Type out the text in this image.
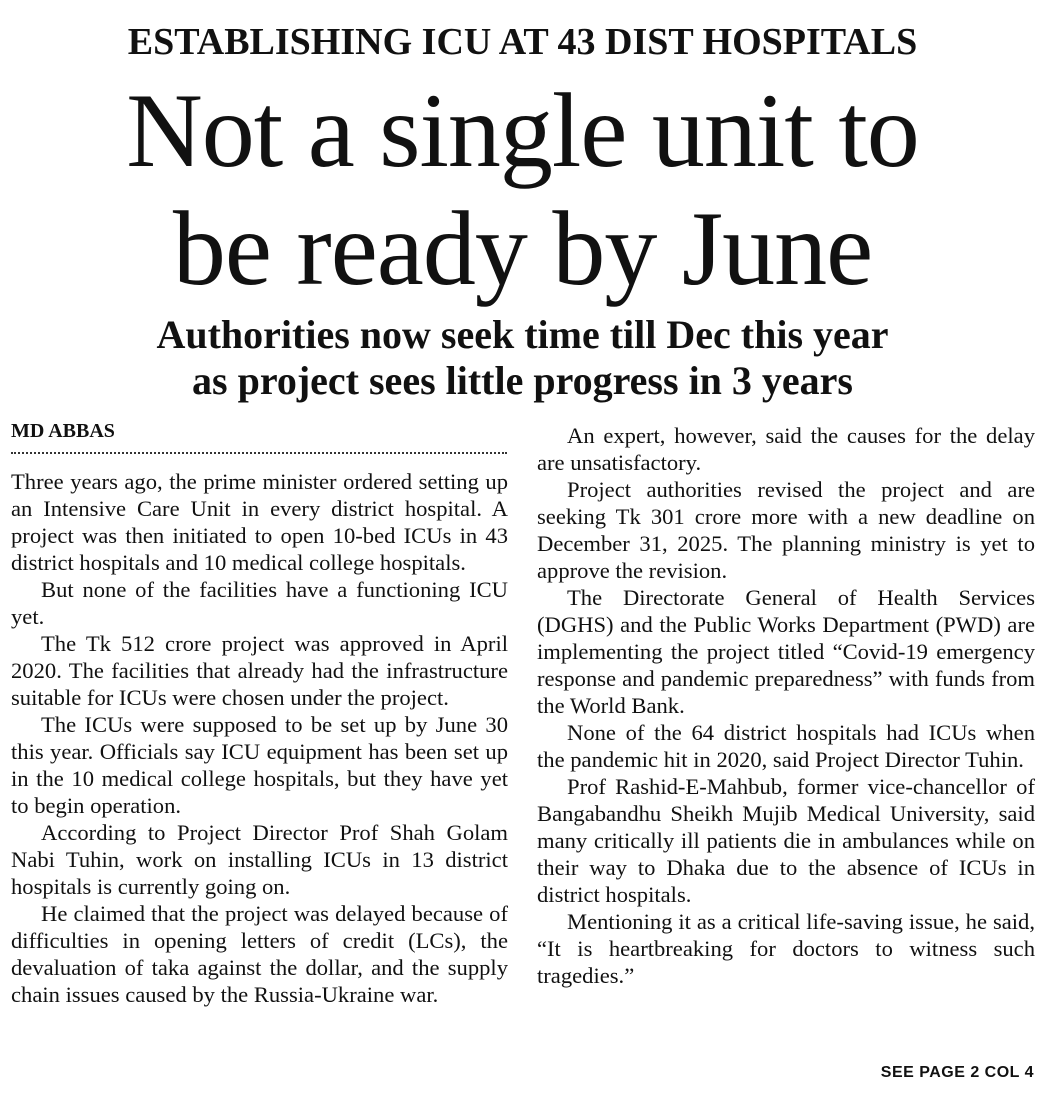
ESTABLISHING ICU AT 43 DIST HOSPITALS
Not a single unit to
be ready by June
Authorities now seek time till Dec this year
as project sees little progress in 3 years
MD ABBAS

Three years ago, the prime minister ordered setting up an Intensive Care Unit in every district hospital. A project was then initiated to open 10-bed ICUs in 43 district hospitals and 10 medical college hospitals.

But none of the facilities have a functioning ICU yet.

The Tk 512 crore project was approved in April 2020. The facilities that already had the infrastructure suitable for ICUs were chosen under the project.

The ICUs were supposed to be set up by June 30 this year. Officials say ICU equipment has been set up in the 10 medical college hospitals, but they have yet to begin operation.

According to Project Director Prof Shah Golam Nabi Tuhin, work on installing ICUs in 13 district hospitals is currently going on.

He claimed that the project was delayed because of difficulties in opening letters of credit (LCs), the devaluation of taka against the dollar, and the supply chain issues caused by the Russia-Ukraine war.

An expert, however, said the causes for the delay are unsatisfactory.

Project authorities revised the project and are seeking Tk 301 crore more with a new deadline on December 31, 2025. The planning ministry is yet to approve the revision.

The Directorate General of Health Services (DGHS) and the Public Works Department (PWD) are implementing the project titled “Covid-19 emergency response and pandemic preparedness” with funds from the World Bank.

None of the 64 district hospitals had ICUs when the pandemic hit in 2020, said Project Director Tuhin.

Prof Rashid-E-Mahbub, former vice-chancellor of Bangabandhu Sheikh Mujib Medical University, said many critically ill patients die in ambulances while on their way to Dhaka due to the absence of ICUs in district hospitals.

Mentioning it as a critical life-saving issue, he said, “It is heartbreaking for doctors to witness such tragedies.”

SEE PAGE 2 COL 4
